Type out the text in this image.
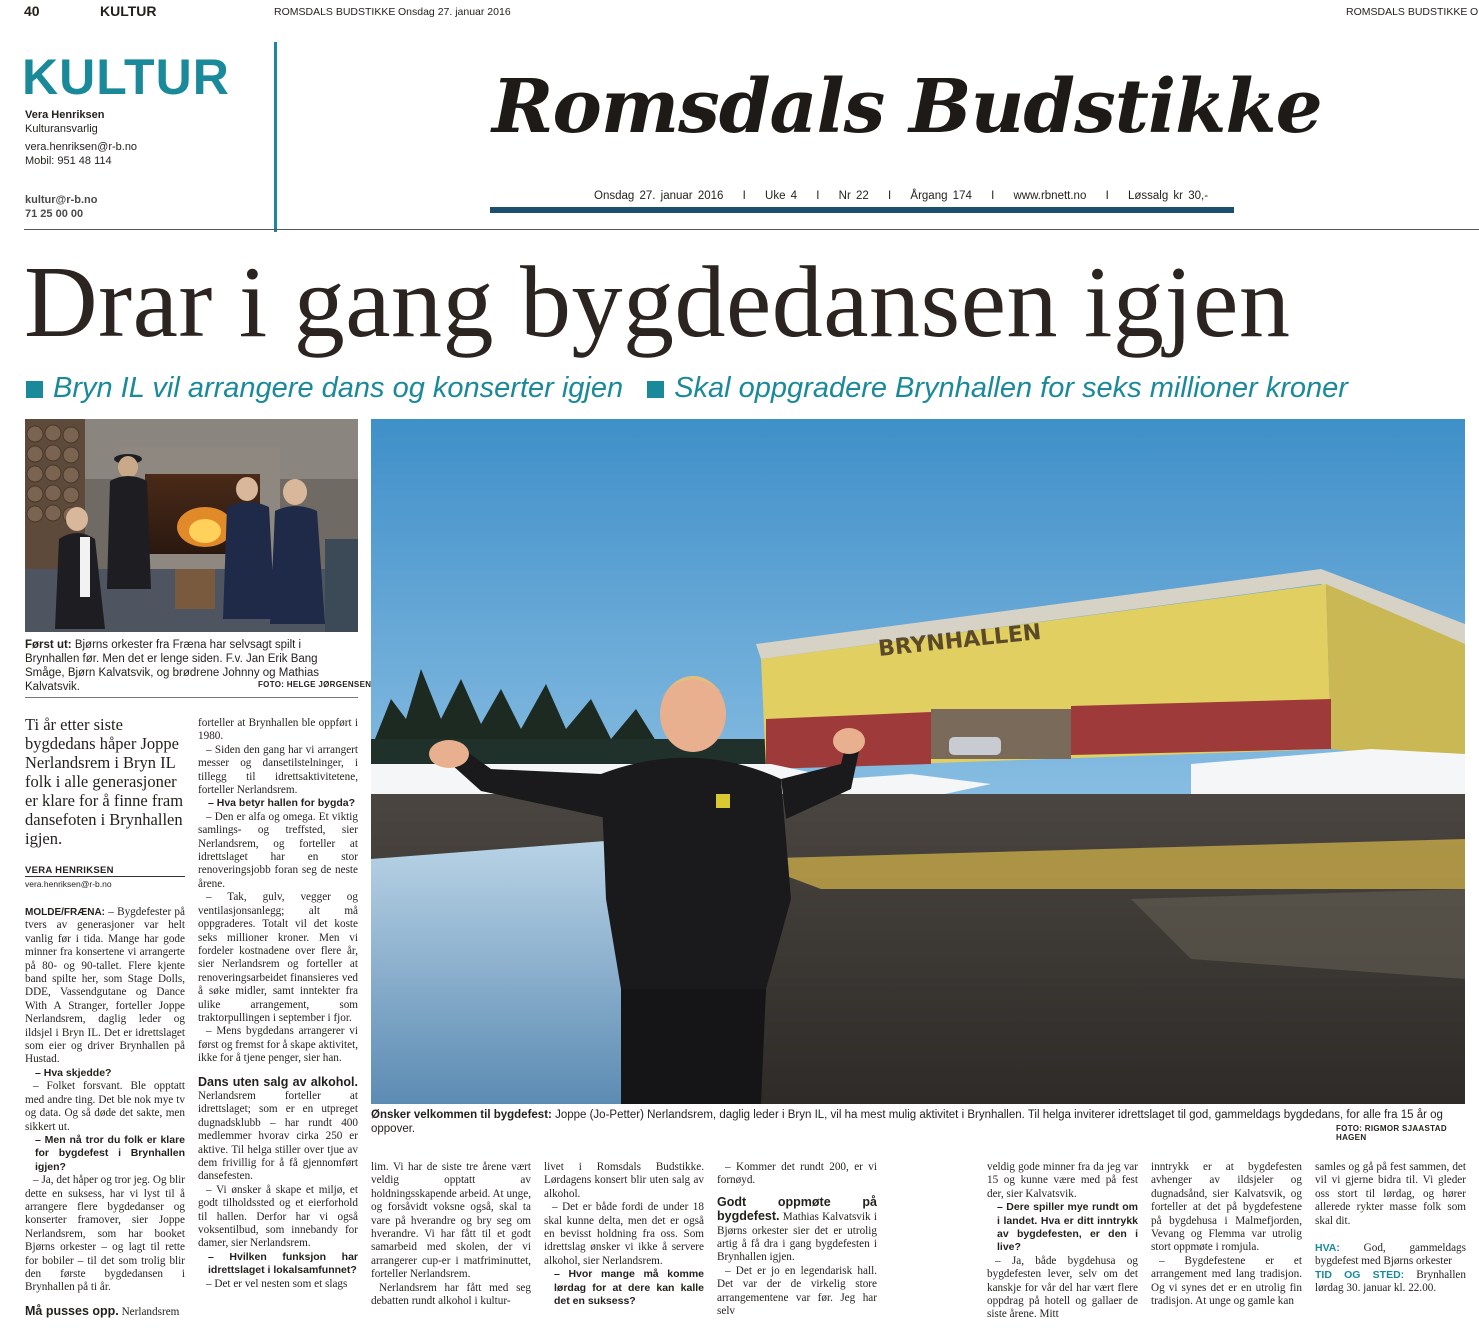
40	KULTUR	ROMSDALS BUDSTIKKE Onsdag 27. januar 2016	ROMSDALS BUDSTIKKE O
KULTUR
Vera Henriksen
Kulturansvarlig
vera.henriksen@r-b.no
Mobil: 951 48 114
kultur@r-b.no
71 25 00 00
Romsdals Budstikke
Onsdag 27. januar 2016 I Uke 4 I Nr 22 I Årgang 174 I www.rbnett.no I Løssalg kr 30,-
Drar i gang bygdedansen igjen
Bryn IL vil arrangere dans og konserter igjen Skal oppgradere Brynhallen for seks millioner kroner
Først ut: Bjørns orkester fra Fræna har selvsagt spilt i Brynhallen før. Men det er lenge siden. F.v. Jan Erik Bang Småge, Bjørn Kalvatsvik, og brødrene Johnny og Mathias Kalvatsvik.	FOTO: HELGE JØRGENSEN
BRYNHALLEN
Ønsker velkommen til bygdefest: Joppe (Jo-Petter) Nerlandsrem, daglig leder i Bryn IL, vil ha mest mulig aktivitet i Brynhallen. Til helga inviterer idrettslaget til god, gammeldags bygdedans, for alle fra 15 år og oppover.	FOTO: RIGMOR SJAASTAD HAGEN
Ti år etter siste bygdedans håper Joppe Nerlandsrem i Bryn IL folk i alle generasjoner er klare for å finne fram dansefoten i Brynhallen igjen.
VERA HENRIKSEN
vera.henriksen@r-b.no

MOLDE/FRÆNA: – Bygdefester på tvers av generasjoner var helt vanlig før i tida. Mange har gode minner fra konsertene vi arrangerte på 80- og 90-tallet. Flere kjente band spilte her, som Stage Dolls, DDE, Vassendgutane og Dance With A Stranger, forteller Joppe Nerlandsrem, daglig leder og ildsjel i Bryn IL. Det er idrettslaget som eier og driver Brynhallen på Hustad.

– Hva skjedde?

– Folket forsvant. Ble opptatt med andre ting. Det ble nok mye tv og data. Og så døde det sakte, men sikkert ut.

– Men nå tror du folk er klare for bygdefest i Brynhallen igjen?

– Ja, det håper og tror jeg. Og blir dette en suksess, har vi lyst til å arrangere flere bygdedanser og konserter framover, sier Joppe Nerlandsrem, som har booket Bjørns orkester – og lagt til rette for bobiler – til det som trolig blir den første bygdedansen i Brynhallen på ti år.

Må pusses opp. Nerlandsrem

forteller at Brynhallen ble oppført i 1980.

– Siden den gang har vi arrangert messer og dansetilstelninger, i tillegg til idrettsaktivitetene, forteller Nerlandsrem.

– Hva betyr hallen for bygda?

– Den er alfa og omega. Et viktig samlings- og treffsted, sier Nerlandsrem, og forteller at idrettslaget har en stor renoveringsjobb foran seg de neste årene.

– Tak, gulv, vegger og ventilasjonsanlegg; alt må oppgraderes. Totalt vil det koste seks millioner kroner. Men vi fordeler kostnadene over flere år, sier Nerlandsrem og forteller at renoveringsarbeidet finansieres ved å søke midler, samt inntekter fra ulike arrangement, som traktorpullingen i september i fjor.

– Mens bygdedans arrangerer vi først og fremst for å skape aktivitet, ikke for å tjene penger, sier han.

Dans uten salg av alkohol. Nerlandsrem forteller at idrettslaget; som er en utpreget dugnadsklubb – har rundt 400 medlemmer hvorav cirka 250 er aktive. Til helga stiller over tjue av dem frivillig for å få gjennomført dansefesten.

– Vi ønsker å skape et miljø, et godt tilholdssted og et eierforhold til hallen. Derfor har vi også voksentilbud, som innebandy for damer, sier Nerlandsrem.

– Hvilken funksjon har idrettslaget i lokalsamfunnet?

– Det er vel nesten som et slags

lim. Vi har de siste tre årene vært veldig opptatt av holdningsskapende arbeid. At unge, og forsåvidt voksne også, skal ta vare på hverandre og bry seg om hverandre. Vi har fått til et godt samarbeid med skolen, der vi arrangerer cup-er i matfriminuttet, forteller Nerlandsrem.

Nerlandsrem har fått med seg debatten rundt alkohol i kultur-

livet i Romsdals Budstikke. Lørdagens konsert blir uten salg av alkohol.

– Det er både fordi de under 18 skal kunne delta, men det er også en bevisst holdning fra oss. Som idrettslag ønsker vi ikke å servere alkohol, sier Nerlandsrem.

– Hvor mange må komme lørdag for at dere kan kalle det en suksess?

– Kommer det rundt 200, er vi fornøyd.

Godt oppmøte på bygdefest. Mathias Kalvatsvik i Bjørns orkester sier det er utrolig artig å få dra i gang bygdefesten i Brynhallen igjen.

– Det er jo en legendarisk hall. Det var der de virkelig store arrangementene var før. Jeg har selv

veldig gode minner fra da jeg var 15 og kunne være med på fest der, sier Kalvatsvik.

– Dere spiller mye rundt om i landet. Hva er ditt inntrykk av bygdefesten, er den i live?

– Ja, både bygdehusa og bygdefesten lever, selv om det kanskje for vår del har vært flere oppdrag på hotell og gallaer de siste årene. Mitt

inntrykk er at bygdefesten avhenger av ildsjeler og dugnadsånd, sier Kalvatsvik, og forteller at det på bygdefestene på bygdehusa i Malmefjorden, Vevang og Flemma var utrolig stort oppmøte i romjula.

– Bygdefestene er et arrangement med lang tradisjon. Og vi synes det er en utrolig fin tradisjon. At unge og gamle kan

samles og gå på fest sammen, det vil vi gjerne bidra til. Vi gleder oss stort til lørdag, og hører allerede rykter masse folk som skal dit.

HVA: God, gammeldags bygdefest med Bjørns orkester

TID OG STED: Brynhallen lørdag 30. januar kl. 22.00.
